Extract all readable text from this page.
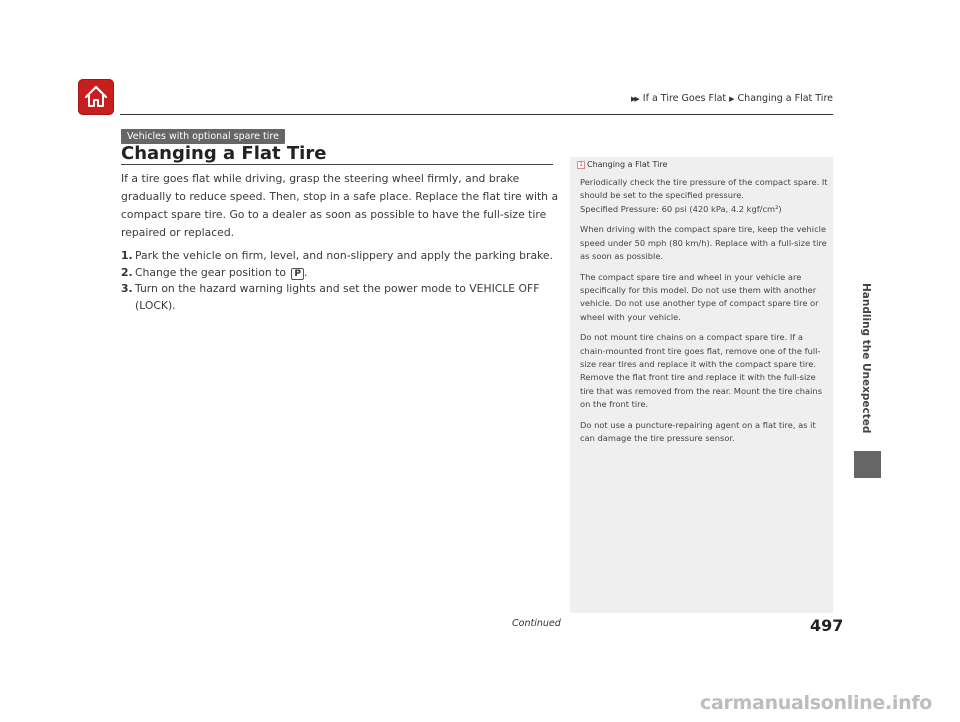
▶▶ If a Tire Goes Flat ▶ Changing a Flat Tire
Vehicles with optional spare tire
Changing a Flat Tire

If a tire goes flat while driving, grasp the steering wheel firmly, and brake gradually to reduce speed. Then, stop in a safe place. Replace the flat tire with a compact spare tire. Go to a dealer as soon as possible to have the full-size tire repaired or replaced.

1. Park the vehicle on firm, level, and non-slippery and apply the parking brake.
2. Change the gear position to P .
3. Turn on the hazard warning lights and set the power mode to VEHICLE OFF (LOCK).
1 Changing a Flat Tire

Periodically check the tire pressure of the compact spare. It should be set to the specified pressure.
Specified Pressure: 60 psi (420 kPa, 4.2 kgf/cm²)

When driving with the compact spare tire, keep the vehicle speed under 50 mph (80 km/h). Replace with a full-size tire as soon as possible.

The compact spare tire and wheel in your vehicle are specifically for this model. Do not use them with another vehicle. Do not use another type of compact spare tire or wheel with your vehicle.

Do not mount tire chains on a compact spare tire. If a chain-mounted front tire goes flat, remove one of the full-size rear tires and replace it with the compact spare tire. Remove the flat front tire and replace it with the full-size tire that was removed from the rear. Mount the tire chains on the front tire.

Do not use a puncture-repairing agent on a flat tire, as it can damage the tire pressure sensor.

Handling the Unexpected
Continued	497
carmanualsonline.info
